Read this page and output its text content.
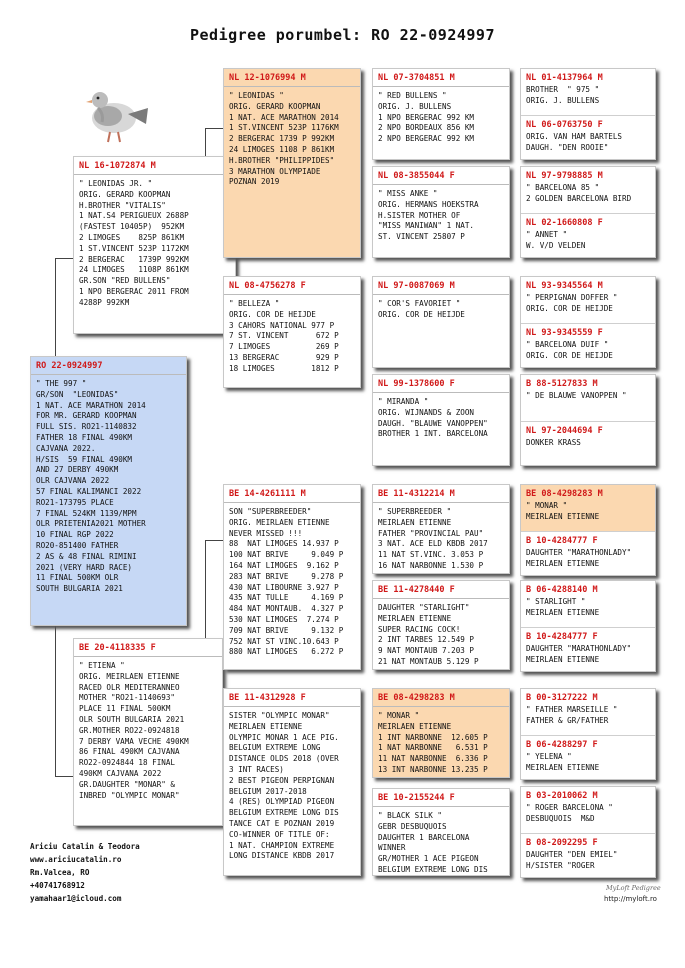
Pedigree porumbel: RO 22-0924997
RO 22-0924997
" THE 997 "
GR/SON  "LEONIDAS"
1 NAT. ACE MARATHON 2014
FOR MR. GERARD KOOPMAN
FULL SIS. RO21-1140832
FATHER 18 FINAL 490KM
CAJVANA 2022.
H/SIS  59 FINAL 490KM
AND 27 DERBY 490KM
OLR CAJVANA 2022
57 FINAL KALIMANCI 2022
RO21-173795 PLACE
7 FINAL 524KM 1139/MPM
OLR PRIETENIA2021 MOTHER
10 FINAL RGP 2022
RO20-851400 FATHER
2 AS & 48 FINAL RIMINI
2021 (VERY HARD RACE)
11 FINAL 500KM OLR
SOUTH BULGARIA 2021
NL 16-1072874 M
" LEONIDAS JR. "
ORIG. GERARD KOOPMAN
H.BROTHER "VITALIS"
1 NAT.S4 PERIGUEUX 2688P
(FASTEST 10405P)  952KM
2 LIMOGES    825P 861KM
1 ST.VINCENT 523P 1172KM
2 BERGERAC   1739P 992KM
24 LIMOGES   1108P 861KM
GR.SON "RED BULLENS"
1 NPO BERGERAC 2011 FROM
4288P 992KM
BE 20-4118335 F
" ETIENA "
ORIG. MEIRLAEN ETIENNE
RACED OLR MEDITERANNEO
MOTHER "RO21-1140693"
PLACE 11 FINAL 500KM
OLR SOUTH BULGARIA 2021
GR.MOTHER RO22-0924818
7 DERBY VAMA VECHE 490KM
86 FINAL 490KM CAJVANA
RO22-0924844 18 FINAL
490KM CAJVANA 2022
GR.DAUGHTER "MONAR" &
INBRED "OLYMPIC MONAR"
NL 12-1076994 M
" LEONIDAS "
ORIG. GERARD KOOPMAN
1 NAT. ACE MARATHON 2014
1 ST.VINCENT 523P 1176KM
2 BERGERAC 1739 P 992KM
24 LIMOGES 1108 P 861KM
H.BROTHER "PHILIPPIDES"
3 MARATHON OLYMPIADE
POZNAN 2019
NL 08-4756278 F
" BELLEZA "
ORIG. COR DE HEIJDE
3 CAHORS NATIONAL 977 P
7 ST. VINCENT      672 P
7 LIMOGES          269 P
13 BERGERAC        929 P
18 LIMOGES        1812 P
BE 14-4261111 M
SON "SUPERBREEDER"
ORIG. MEIRLAEN ETIENNE
NEVER MISSED !!!
88  NAT LIMOGES 14.937 P
100 NAT BRIVE     9.049 P
164 NAT LIMOGES  9.162 P
283 NAT BRIVE     9.278 P
430 NAT LIBOURNE 3.927 P
435 NAT TULLE     4.169 P
484 NAT MONTAUB.  4.327 P
530 NAT LIMOGES  7.274 P
709 NAT BRIVE     9.132 P
752 NAT ST VINC.10.643 P
880 NAT LIMOGES   6.272 P
BE 11-4312928 F
SISTER "OLYMPIC MONAR"
MEIRLAEN ETIENNE
OLYMPIC MONAR 1 ACE PIG.
BELGIUM EXTREME LONG
DISTANCE OLDS 2018 (OVER
3 INT RACES)
2 BEST PIGEON PERPIGNAN
BELGIUM 2017-2018
4 (RES) OLYMPIAD PIGEON
BELGIUM EXTREME LONG DIS
TANCE CAT E POZNAN 2019
CO-WINNER OF TITLE OF:
1 NAT. CHAMPION EXTREME
LONG DISTANCE KBDB 2017
NL 07-3704851 M
" RED BULLENS "
ORIG. J. BULLENS
1 NPO BERGERAC 992 KM
2 NPO BORDEAUX 856 KM
2 NPO BERGERAC 992 KM
NL 08-3855044 F
" MISS ANKE "
ORIG. HERMANS HOEKSTRA
H.SISTER MOTHER OF
"MISS MANIWAN" 1 NAT.
ST. VINCENT 25807 P
NL 97-0087069 M
" COR'S FAVORIET "
ORIG. COR DE HEIJDE
NL 99-1378600 F
" MIRANDA "
ORIG. WIJNANDS & ZOON
DAUGH. "BLAUWE VANOPPEN"
BROTHER 1 INT. BARCELONA
BE 11-4312214 M
" SUPERBREEDER "
MEIRLAEN ETIENNE
FATHER "PROVINCIAL PAU"
3 NAT. ACE ELD KBDB 2017
11 NAT ST.VINC. 3.053 P
16 NAT NARBONNE 1.530 P
BE 11-4278440 F
DAUGHTER "STARLIGHT"
MEIRLAEN ETIENNE
SUPER RACING COCK!
2 INT TARBES 12.549 P
9 NAT MONTAUB 7.203 P
21 NAT MONTAUB 5.129 P
BE 08-4298283 M
" MONAR "
MEIRLAEN ETIENNE
1 INT NARBONNE  12.605 P
1 NAT NARBONNE   6.531 P
11 NAT NARBONNE  6.336 P
13 INT NARBONNE 13.235 P
BE 10-2155244 F
" BLACK SILK "
GEBR DESBUQUOIS
DAUGHTER 1 BARCELONA
WINNER
GR/MOTHER 1 ACE PIGEON
BELGIUM EXTREME LONG DIS
NL 01-4137964 M
BROTHER  " 975 "
ORIG. J. BULLENS
NL 06-0763750 F
ORIG. VAN HAM BARTELS
DAUGH. "DEN ROOIE"
NL 97-9798885 M
" BARCELONA 85 "
2 GOLDEN BARCELONA BIRD
NL 02-1660808 F
" ANNET "
W. V/D VELDEN
NL 93-9345564 M
" PERPIGNAN DOFFER "
ORIG. COR DE HEIJDE
NL 93-9345559 F
" BARCELONA DUIF "
ORIG. COR DE HEIJDE
B 88-5127833 M
" DE BLAUWE VANOPPEN "
NL 97-2044694 F
DONKER KRASS
BE 08-4298283 M
" MONAR "
MEIRLAEN ETIENNE
B 10-4284777 F
DAUGHTER "MARATHONLADY"
MEIRLAEN ETIENNE
B 06-4288140 M
" STARLIGHT "
MEIRLAEN ETIENNE
B 10-4284777 F
DAUGHTER "MARATHONLADY"
MEIRLAEN ETIENNE
B 00-3127222 M
" FATHER MARSEILLE "
FATHER & GR/FATHER
B 06-4288297 F
" YELENA "
MEIRLAEN ETIENNE
B 03-2010062 M
" ROGER BARCELONA "
DESBUQUOIS  M&D
B 08-2092295 F
DAUGHTER "DEN EMIEL"
H/SISTER "ROGER
Ariciu Catalin & Teodora
www.ariciucatalin.ro
Rm.Valcea, RO
+40741768912
yamahaar1@icloud.com
MyLoft Pedigree
http://myloft.ro
